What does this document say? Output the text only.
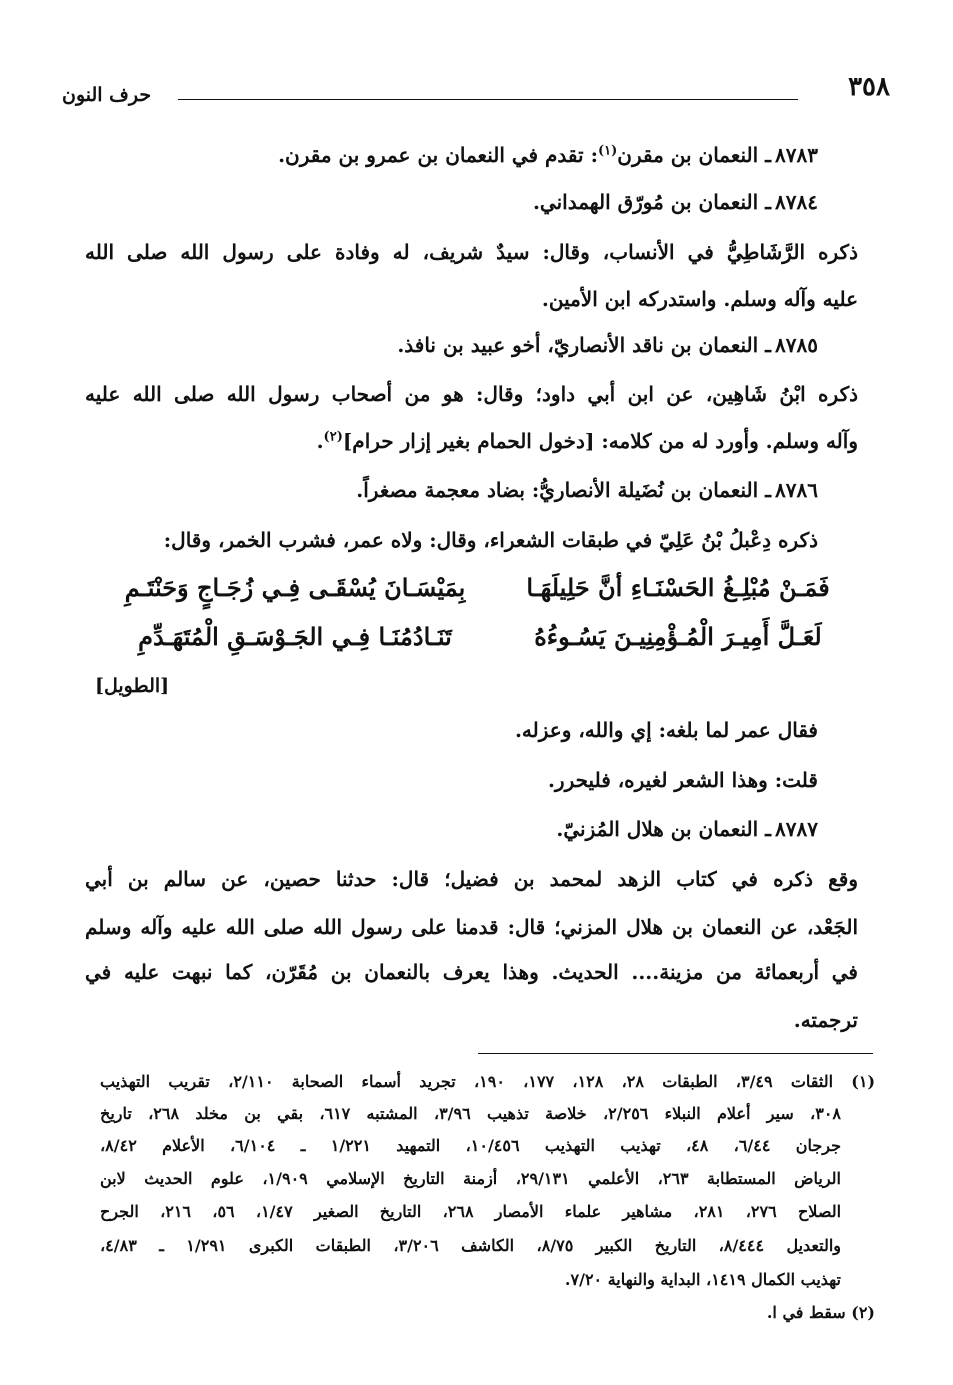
٣٥٨
حرف النون
٨٧٨٣ـ النعمان بن مقرن$^{(١)}$: تقدم في النعمان بن عمرو بن مقرن.
٨٧٨٤ـ النعمان بن مُورّق الهمداني.
ذكره الرَّشَاطِيُّ في الأنساب، وقال: سيدٌ شريف، له وفادة على رسول الله صلى الله
عليه وآله وسلم. واستدركه ابن الأمين.
٨٧٨٥ـ النعمان بن ناقد الأنصاريّ، أخو عبيد بن نافذ.
ذكره ابْنُ شَاهِين، عن ابن أبي داود؛ وقال: هو من أصحاب رسول الله صلى الله عليه
وآله وسلم. وأورد له من كلامه: [دخول الحمام بغير إزار حرام]$^{(٢)}$.
٨٧٨٦ـ النعمان بن نُضَيلة الأنصاريُّ: بضاد معجمة مصغراً.
ذكره دِعْبلُ بْنُ عَلِيّ في طبقات الشعراء، وقال: ولاه عمر، فشرب الخمر، وقال:
فَمَـنْ مُبْلِـغُ الحَسْنَـاءِ أنَّ حَلِيلَهَـا
بِمَيْسَـانَ يُسْقَـى فِـي زُجَـاجٍ وَحَنْتَـمِ
لَعَـلَّ أَمِيـرَ الْمُـؤْمِنِيـنَ يَسُـوءُهُ
تَنَـادُمُنَـا فِـي الجَـوْسَـقِ الْمُتَهَـدِّمِ
[الطويل]
فقال عمر لما بلغه: إي والله، وعزله.
قلت: وهذا الشعر لغيره، فليحرر.
٨٧٨٧ـ النعمان بن هلال المُزنيّ.
وقع ذكره في كتاب الزهد لمحمد بن فضيل؛ قال: حدثنا حصين، عن سالم بن أبي
الجَعْد، عن النعمان بن هلال المزني؛ قال: قدمنا على رسول الله صلى الله عليه وآله وسلم
في أربعمائة من مزينة.... الحديث. وهذا يعرف بالنعمان بن مُقَرّن، كما نبهت عليه في
ترجمته.
(١) الثقات ٣/٤٩، الطبقات ٢٨، ١٢٨، ١٧٧، ١٩٠، تجريد أسماء الصحابة ٢/١١٠، تقريب التهذيب
٣٠٨، سير أعلام النبلاء ٢/٢٥٦، خلاصة تذهيب ٣/٩٦، المشتبه ٦١٧، بقي بن مخلد ٢٦٨، تاريخ
جرجان ٦/٤٤، ٤٨، تهذيب التهذيب ١٠/٤٥٦، التمهيد ١/٢٢١ ـ ٦/١٠٤، الأعلام ٨/٤٢،
الرياض المستطابة ٢٦٣، الأعلمي ٢٩/١٣١، أزمنة التاريخ الإسلامي ١/٩٠٩، علوم الحديث لابن
الصلاح ٢٧٦، ٢٨١، مشاهير علماء الأمصار ٢٦٨، التاريخ الصغير ١/٤٧، ٥٦، ٢١٦، الجرح
والتعديل ٨/٤٤٤، التاريخ الكبير ٨/٧٥، الكاشف ٣/٢٠٦، الطبقات الكبرى ١/٢٩١ ـ ٤/٨٣،
تهذيب الكمال ١٤١٩، البداية والنهاية ٧/٢٠.
(٢) سقط في ا.
